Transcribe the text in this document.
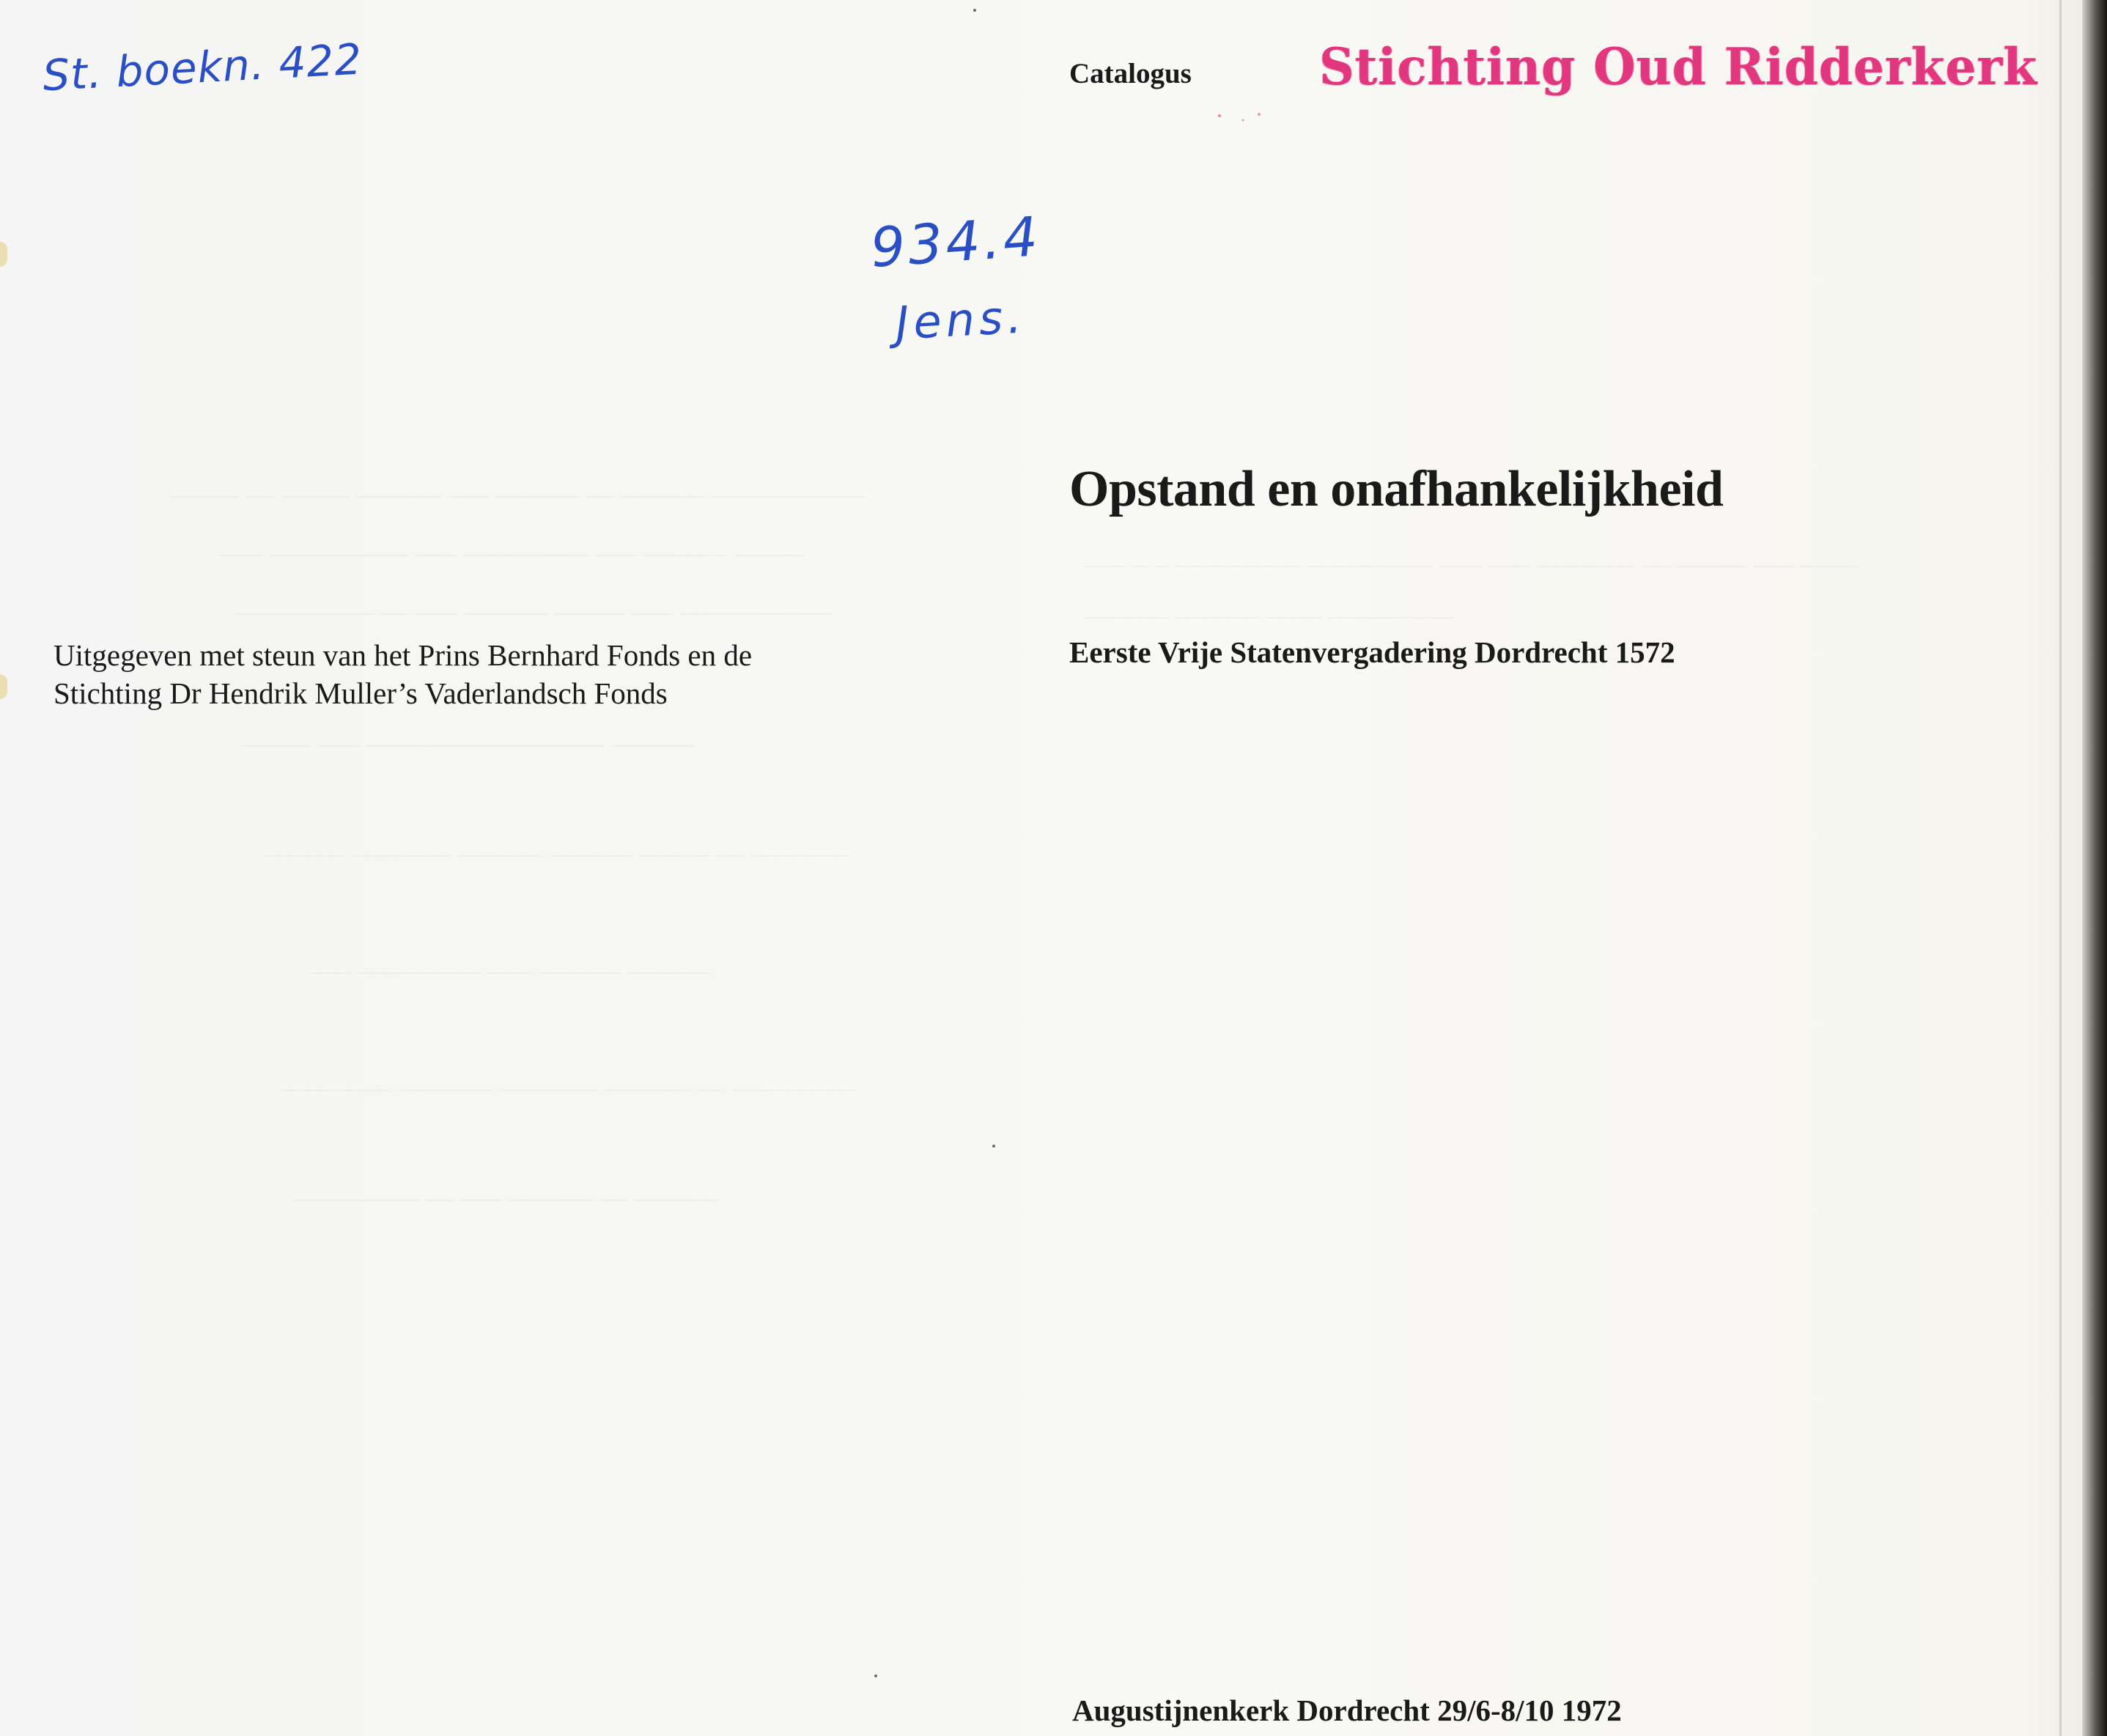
_____ __ _____ ______ ___ ______ __ ______ ___________
___ __________ ___ _________ ___ ______ _____
__________ __ ___ ______ _____ ___ ___________
_____ ___ _________________ ______
______ _______ ______ ______ _____ __ _______
___ _________ ___ ______ ______
________ _______ _______ ______ __ _________
_________ __ ___ ______ __ ______
___ _ _ _________ _________ ___ ___ _______ __ _____ ___ ____
______ ______ ____ _________
St. boekn. 422
934.4
Jens.

Catalogus	Stichting Oud Ridderkerk
Opstand en onafhankelijkheid
Eerste Vrije Statenvergadering Dordrecht 1572

Uitgegeven met steun van het Prins Bernhard Fonds en de
Stichting Dr Hendrik Muller’s Vaderlandsch Fonds

Augustijnenkerk Dordrecht 29/6-8/10 1972
